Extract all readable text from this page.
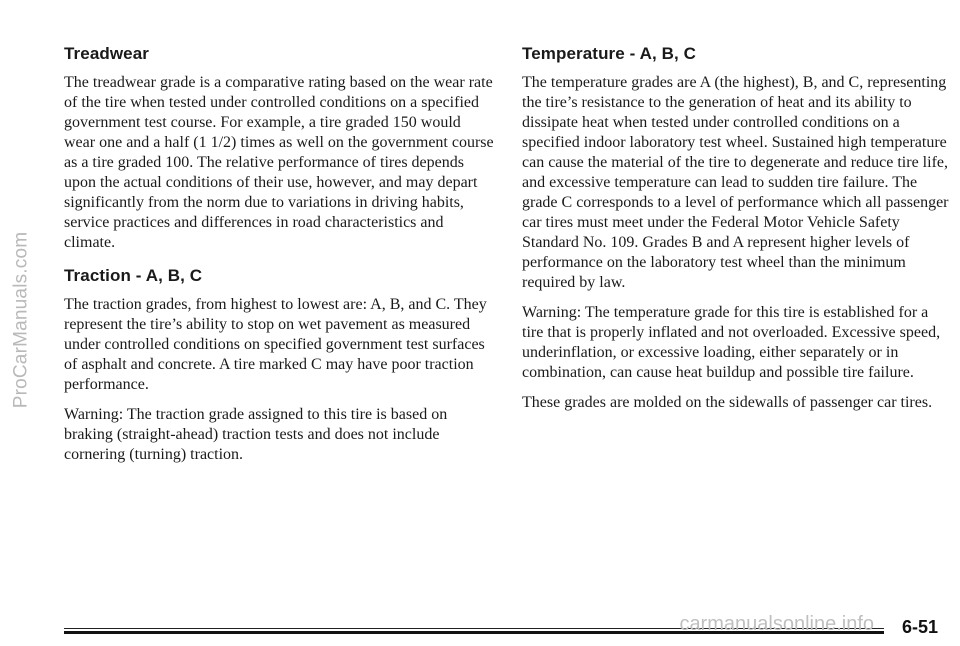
ProCarManuals.com
Treadwear

The treadwear grade is a comparative rating based on the wear rate of the tire when tested under controlled conditions on a specified government test course. For example, a tire graded 150 would wear one and a half (1 1/2) times as well on the government course as a tire graded 100. The relative performance of tires depends upon the actual conditions of their use, however, and may depart significantly from the norm due to variations in driving habits, service practices and differences in road characteristics and climate.

Traction - A, B, C

The traction grades, from highest to lowest are: A, B, and C. They represent the tire’s ability to stop on wet pavement as measured under controlled conditions on specified government test surfaces of asphalt and concrete. A tire marked C may have poor traction performance.

Warning: The traction grade assigned to this tire is based on braking (straight-ahead) traction tests and does not include cornering (turning) traction.

Temperature - A, B, C

The temperature grades are A (the highest), B, and C, representing the tire’s resistance to the generation of heat and its ability to dissipate heat when tested under controlled conditions on a specified indoor laboratory test wheel. Sustained high temperature can cause the material of the tire to degenerate and reduce tire life, and excessive temperature can lead to sudden tire failure. The grade C corresponds to a level of performance which all passenger car tires must meet under the Federal Motor Vehicle Safety Standard No. 109. Grades B and A represent higher levels of performance on the laboratory test wheel than the minimum required by law.

Warning: The temperature grade for this tire is established for a tire that is properly inflated and not overloaded. Excessive speed, underinflation, or excessive loading, either separately or in combination, can cause heat buildup and possible tire failure.

These grades are molded on the sidewalls of passenger car tires.

carmanualsonline.info 6-51
